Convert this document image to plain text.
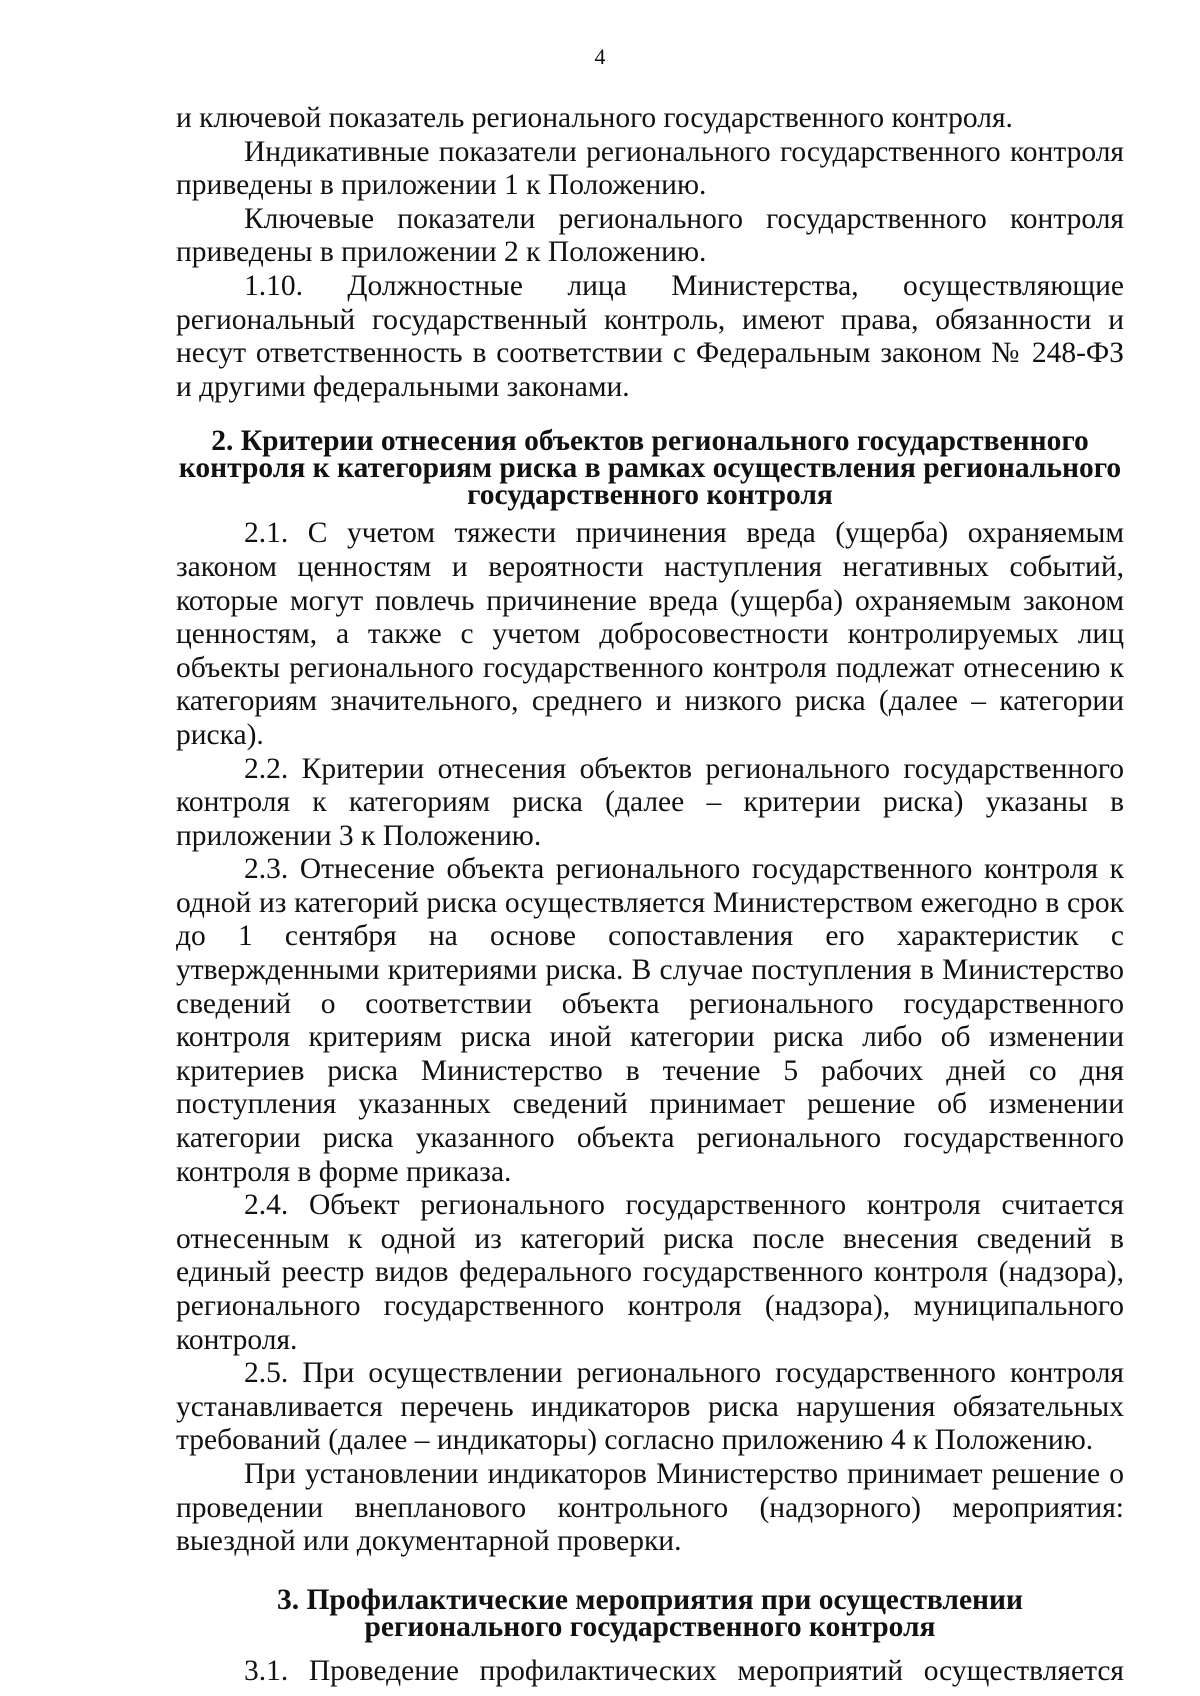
4

и ключевой показатель регионального государственного контроля.

Индикативные показатели регионального государственного контроля приведены в приложении 1 к Положению.

Ключевые показатели регионального государственного контроля приведены в приложении 2 к Положению.

1.10. Должностные лица Министерства, осуществляющие региональный государственный контроль, имеют права, обязанности и несут ответственность в соответствии с Федеральным законом № 248-ФЗ и другими федеральными законами.

2. Критерии отнесения объектов регионального государственного контроля к категориям риска в рамках осуществления регионального государственного контроля

2.1. С учетом тяжести причинения вреда (ущерба) охраняемым законом ценностям и вероятности наступления негативных событий, которые могут повлечь причинение вреда (ущерба) охраняемым законом ценностям, а также с учетом добросовестности контролируемых лиц объекты регионального государственного контроля подлежат отнесению к категориям значительного, среднего и низкого риска (далее – категории риска).

2.2. Критерии отнесения объектов регионального государственного контроля к категориям риска (далее – критерии риска) указаны в приложении 3 к Положению.

2.3. Отнесение объекта регионального государственного контроля к одной из категорий риска осуществляется Министерством ежегодно в срок до 1 сентября на основе сопоставления его характеристик с утвержденными критериями риска. В случае поступления в Министерство сведений о соответствии объекта регионального государственного контроля критериям риска иной категории риска либо об изменении критериев риска Министерство в течение 5 рабочих дней со дня поступления указанных сведений принимает решение об изменении категории риска указанного объекта регионального государственного контроля в форме приказа.

2.4. Объект регионального государственного контроля считается отнесенным к одной из категорий риска после внесения сведений в единый реестр видов федерального государственного контроля (надзора), регионального государственного контроля (надзора), муниципального контроля.

2.5. При осуществлении регионального государственного контроля устанавливается перечень индикаторов риска нарушения обязательных требований (далее – индикаторы) согласно приложению 4 к Положению.

При установлении индикаторов Министерство принимает решение о проведении внепланового контрольного (надзорного) мероприятия: выездной или документарной проверки.

3. Профилактические мероприятия при осуществлении регионального государственного контроля

3.1. Проведение профилактических мероприятий осуществляется
